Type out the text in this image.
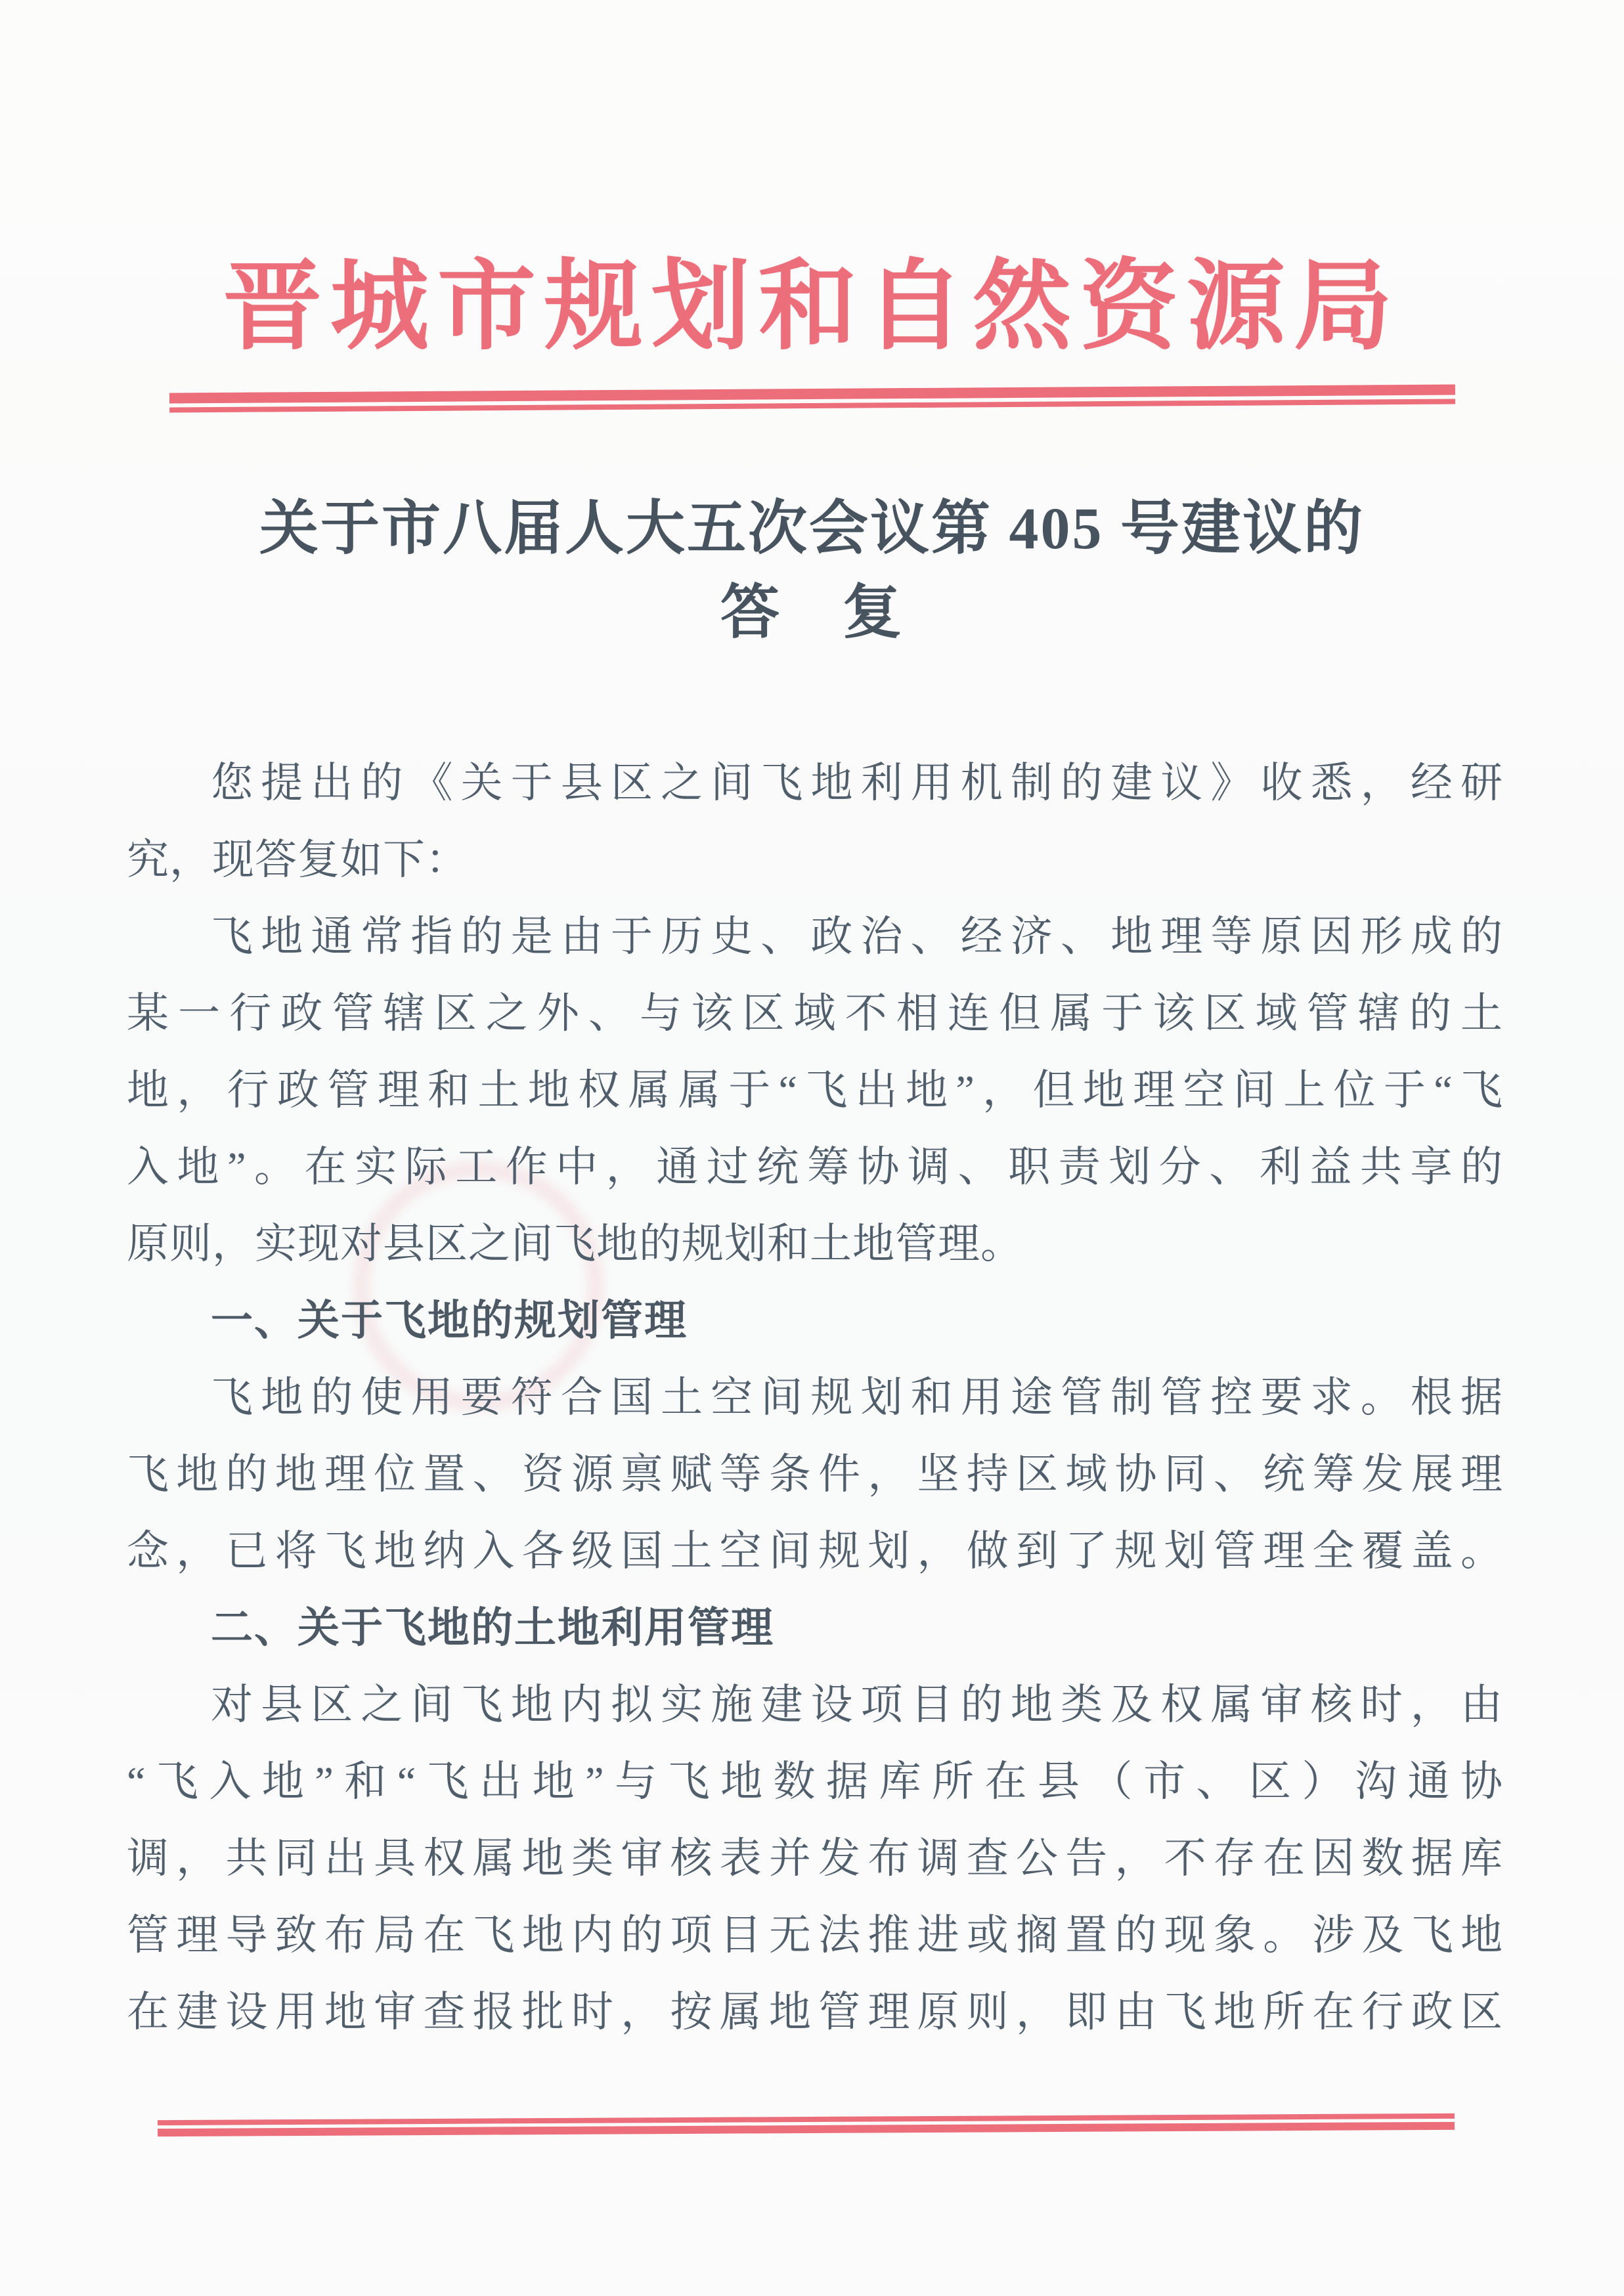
晋城市规划和自然资源局
关于市八届人大五次会议第 405 号建议的
答　复
您提出的《关于县区之间飞地利用机制的建议》收悉，经研
究，现答复如下：
飞地通常指的是由于历史、政治、经济、地理等原因形成的
某一行政管辖区之外、与该区域不相连但属于该区域管辖的土
地，行政管理和土地权属属于“飞出地”，但地理空间上位于“飞
入地”。在实际工作中，通过统筹协调、职责划分、利益共享的
原则，实现对县区之间飞地的规划和土地管理。
一、关于飞地的规划管理
飞地的使用要符合国土空间规划和用途管制管控要求。根据
飞地的地理位置、资源禀赋等条件，坚持区域协同、统筹发展理
念，已将飞地纳入各级国土空间规划，做到了规划管理全覆盖。
二、关于飞地的土地利用管理
对县区之间飞地内拟实施建设项目的地类及权属审核时，由
“飞入地”和“飞出地”与飞地数据库所在县（市、区）沟通协
调，共同出具权属地类审核表并发布调查公告，不存在因数据库
管理导致布局在飞地内的项目无法推进或搁置的现象。涉及飞地
在建设用地审查报批时，按属地管理原则，即由飞地所在行政区
